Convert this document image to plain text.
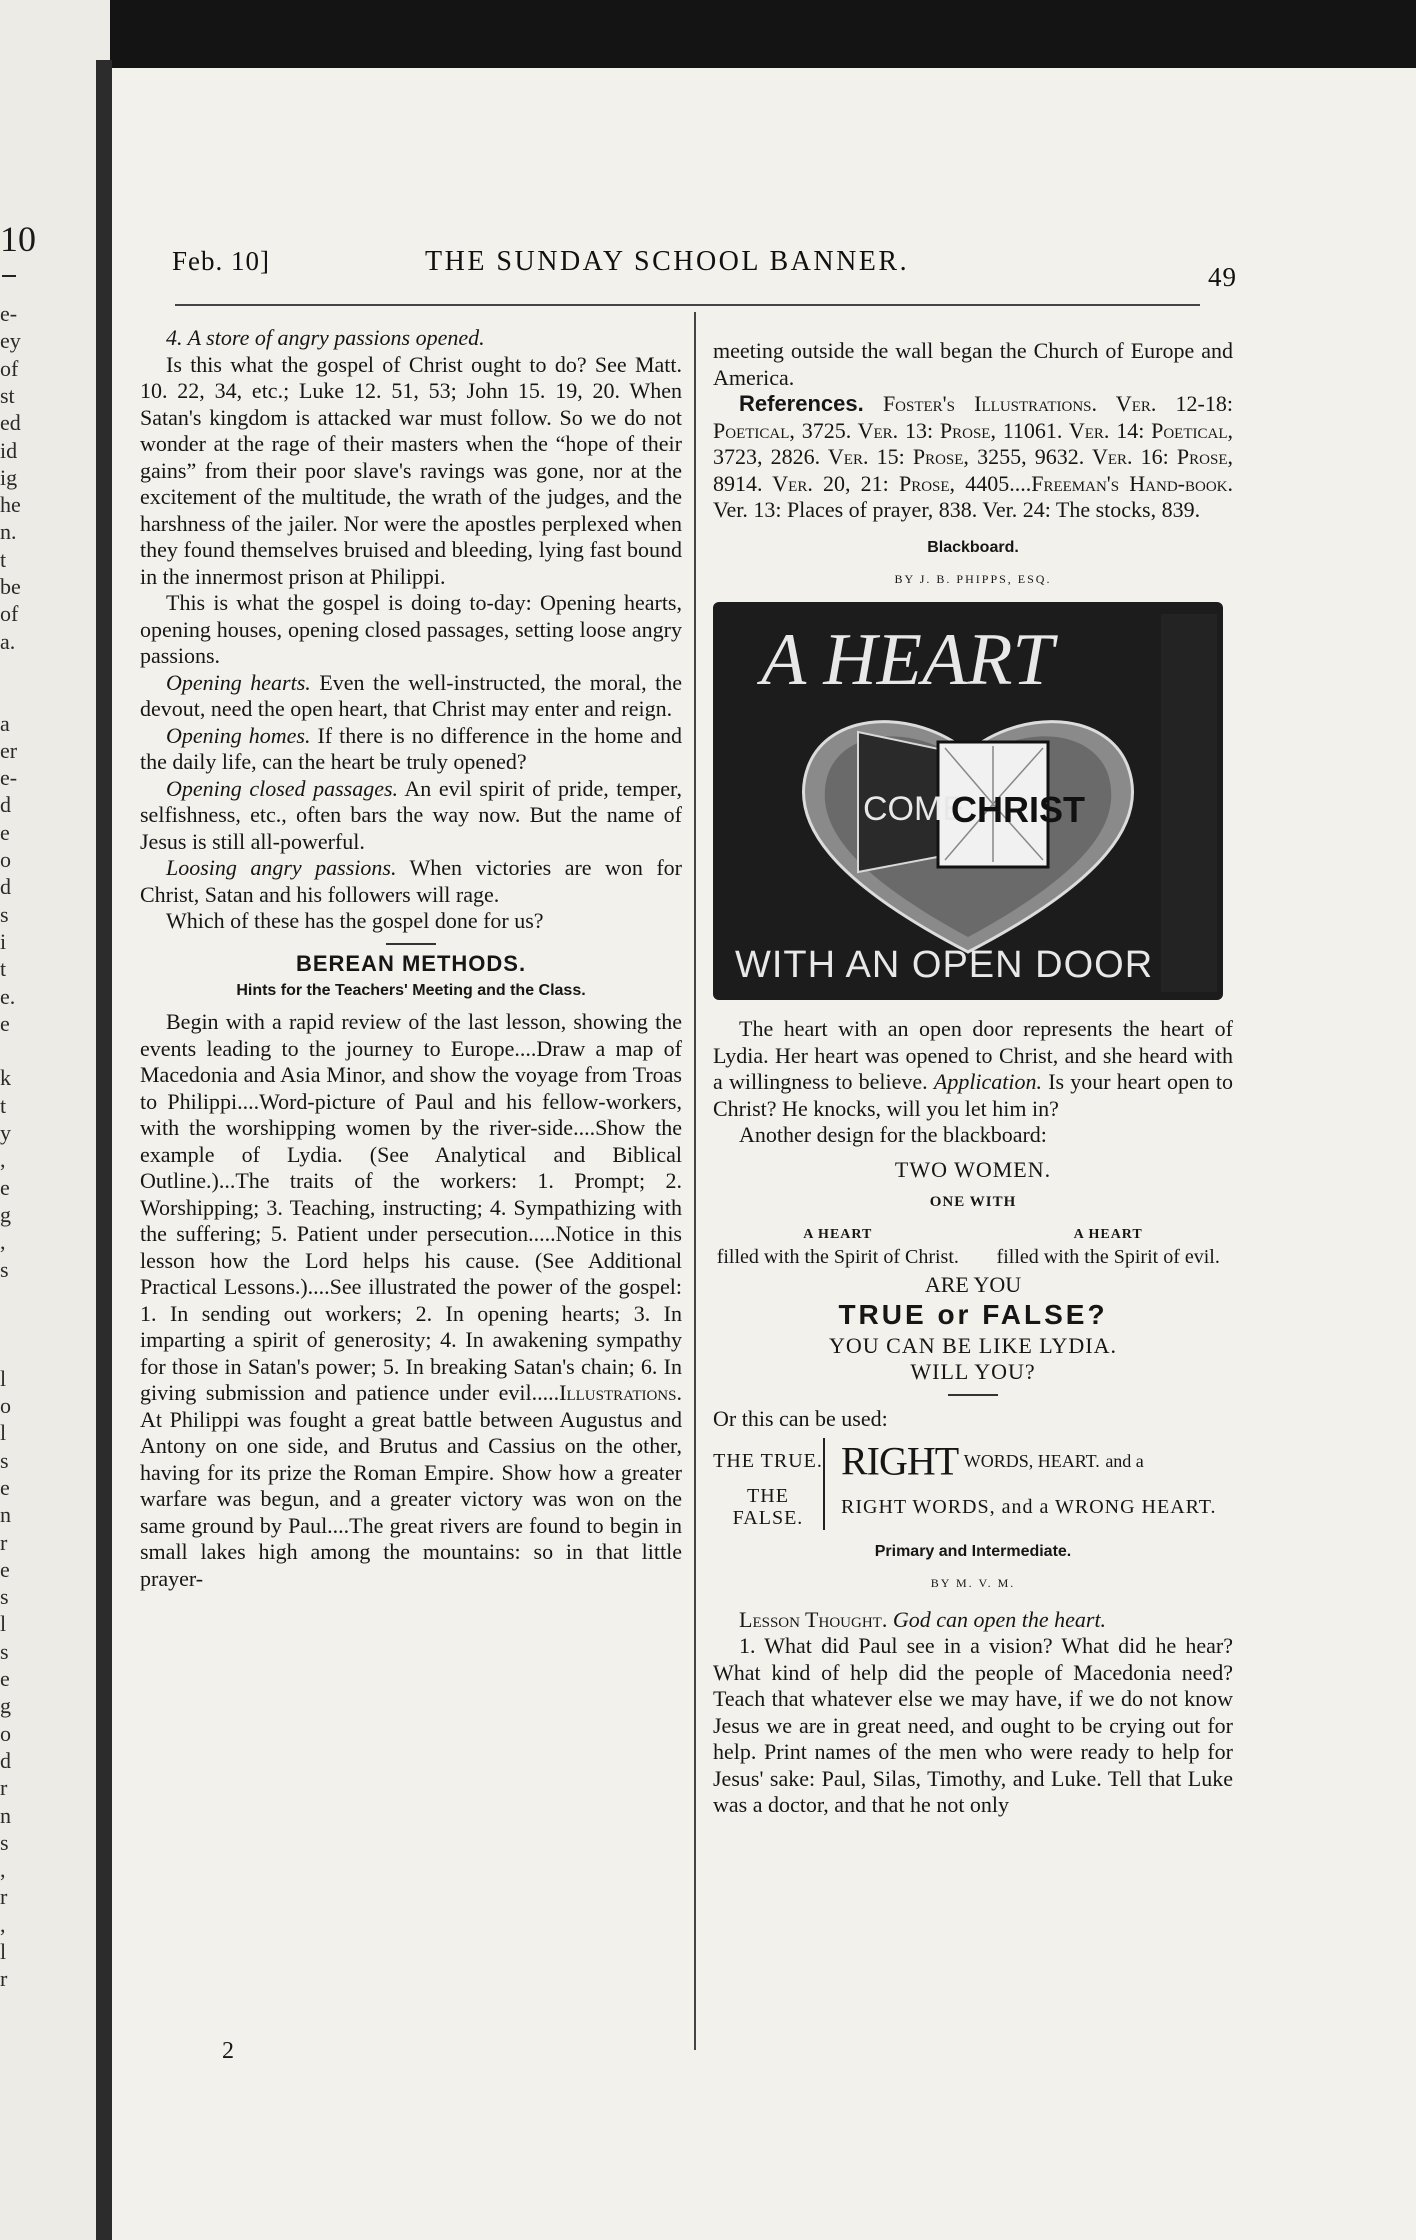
10
e-
ey
of
st
ed
id
ig
he
n.
t
be
of
a.
a
er
e-
d
e
o
d
s
i
t
e.
e
k
t
y
,
e
g
,
s
l
o
l
s
e
n
r
e
s
l
s
e
g
o
d
r
n
s
,
r
,
l
r
Feb. 10]	THE SUNDAY SCHOOL BANNER.	49

4. A store of angry passions opened.

Is this what the gospel of Christ ought to do? See Matt. 10. 22, 34, etc.; Luke 12. 51, 53; John 15. 19, 20. When Satan's kingdom is attacked war must follow. So we do not wonder at the rage of their masters when the “hope of their gains” from their poor slave's ravings was gone, nor at the excitement of the multitude, the wrath of the judges, and the harshness of the jailer. Nor were the apostles perplexed when they found themselves bruised and bleeding, lying fast bound in the innermost prison at Philippi.

This is what the gospel is doing to-day: Opening hearts, opening houses, opening closed passages, setting loose angry passions.

Opening hearts. Even the well-instructed, the moral, the devout, need the open heart, that Christ may enter and reign.

Opening homes. If there is no difference in the home and the daily life, can the heart be truly opened?

Opening closed passages. An evil spirit of pride, temper, selfishness, etc., often bars the way now. But the name of Jesus is still all-powerful.

Loosing angry passions. When victories are won for Christ, Satan and his followers will rage.

Which of these has the gospel done for us?

BEREAN METHODS.
Hints for the Teachers' Meeting and the Class.

Begin with a rapid review of the last lesson, showing the events leading to the journey to Europe....Draw a map of Macedonia and Asia Minor, and show the voyage from Troas to Philippi....Word-picture of Paul and his fellow-workers, with the worshipping women by the river-side....Show the example of Lydia. (See Analytical and Biblical Outline.)...The traits of the workers: 1. Prompt; 2. Worshipping; 3. Teaching, instructing; 4. Sympathizing with the suffering; 5. Patient under persecution.....Notice in this lesson how the Lord helps his cause. (See Additional Practical Lessons.)....See illustrated the power of the gospel: 1. In sending out workers; 2. In opening hearts; 3. In imparting a spirit of generosity; 4. In awakening sympathy for those in Satan's power; 5. In breaking Satan's chain; 6. In giving submission and patience under evil.....Illustrations. At Philippi was fought a great battle between Augustus and Antony on one side, and Brutus and Cassius on the other, having for its prize the Roman Empire. Show how a greater warfare was begun, and a greater victory was won on the same ground by Paul....The great rivers are found to begin in small lakes high among the mountains: so in that little prayer-

2

meeting outside the wall began the Church of Europe and America.

References. Foster's Illustrations. Ver. 12-18: Poetical, 3725. Ver. 13: Prose, 11061. Ver. 14: Poetical, 3723, 2826. Ver. 15: Prose, 3255, 9632. Ver. 16: Prose, 8914. Ver. 20, 21: Prose, 4405....Freeman's Hand-book. Ver. 13: Places of prayer, 838. Ver. 24: The stocks, 839.

Blackboard.
BY J. B. PHIPPS, ESQ.
A HEART
COME
CHRIST
WITH AN OPEN DOOR

The heart with an open door represents the heart of Lydia. Her heart was opened to Christ, and she heard with a willingness to believe. Application. Is your heart open to Christ? He knocks, will you let him in?

Another design for the blackboard:

TWO WOMEN.
ONE WITH
A HEART
filled with the Spirit of Christ.
A HEART
filled with the Spirit of evil.
ARE YOU
TRUE or FALSE?
YOU CAN BE LIKE LYDIA.
WILL YOU?
Or this can be used:
THE TRUE. RIGHT WORDS, HEART. and a
THE FALSE.	RIGHT WORDS, and a WRONG HEART.
Primary and Intermediate.
BY M. V. M.

Lesson Thought. God can open the heart.

1. What did Paul see in a vision? What did he hear? What kind of help did the people of Macedonia need? Teach that whatever else we may have, if we do not know Jesus we are in great need, and ought to be crying out for help. Print names of the men who were ready to help for Jesus' sake: Paul, Silas, Timothy, and Luke. Tell that Luke was a doctor, and that he not only
